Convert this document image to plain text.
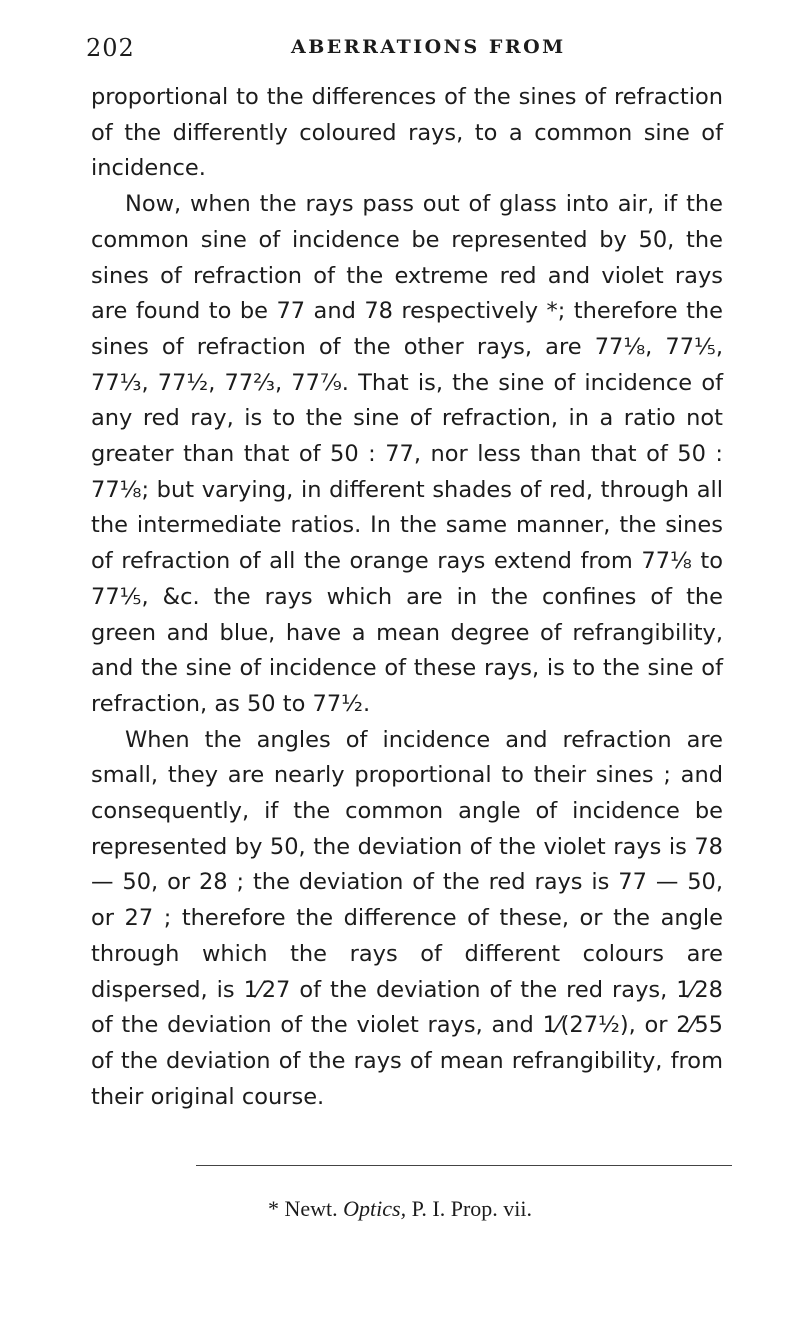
202	ABERRATIONS FROM

proportional to the differences of the sines of refraction of the differently coloured rays, to a common sine of incidence.

Now, when the rays pass out of glass into air, if the common sine of incidence be represented by 50, the sines of refraction of the extreme red and violet rays are found to be 77 and 78 respectively *; therefore the sines of refraction of the other rays, are 77⅛, 77⅕, 77⅓, 77½, 77⅔, 77⁷⁄₉. That is, the sine of incidence of any red ray, is to the sine of refraction, in a ratio not greater than that of 50 : 77, nor less than that of 50 : 77⅛; but varying, in different shades of red, through all the intermediate ratios. In the same manner, the sines of refraction of all the orange rays extend from 77⅛ to 77⅕, &c. the rays which are in the confines of the green and blue, have a mean degree of refrangibility, and the sine of incidence of these rays, is to the sine of refraction, as 50 to 77½.

When the angles of incidence and refraction are small, they are nearly proportional to their sines ; and consequently, if the common angle of incidence be represented by 50, the deviation of the violet rays is 78 — 50, or 28 ; the deviation of the red rays is 77 — 50, or 27 ; therefore the difference of these, or the angle through which the rays of different colours are dispersed, is 1⁄27 of the deviation of the red rays, 1⁄28 of the deviation of the violet rays, and 1⁄(27½), or 2⁄55 of the deviation of the rays of mean refrangibility, from their original course.

* Newt. Optics, P. I. Prop. vii.
